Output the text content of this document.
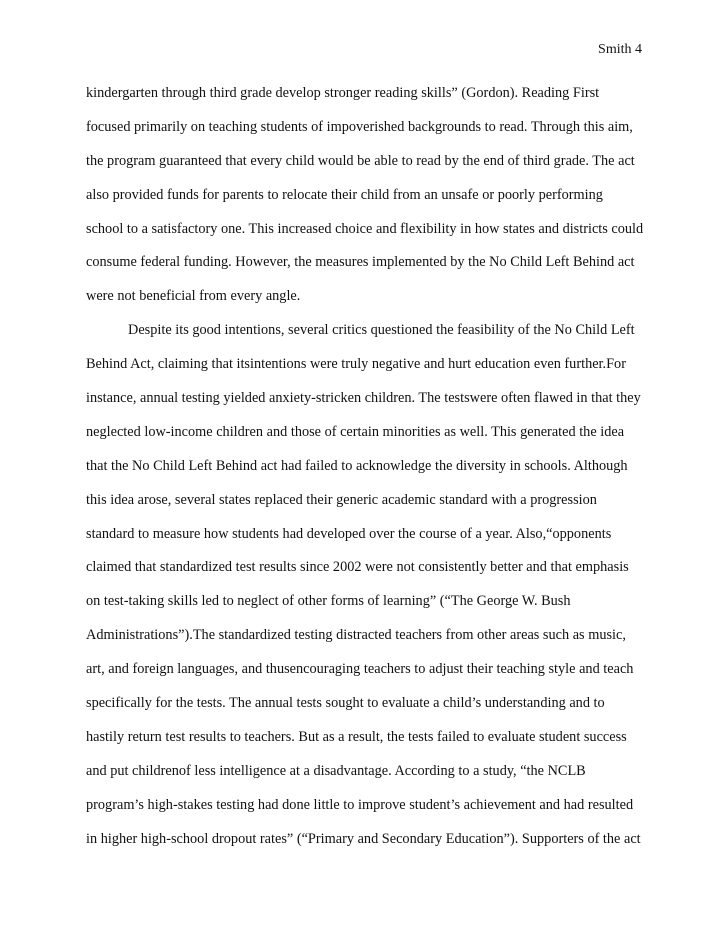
Smith 4
kindergarten through third grade develop stronger reading skills” (Gordon). Reading First
focused primarily on teaching students of impoverished backgrounds to read. Through this aim,
the program guaranteed that every child would be able to read by the end of third grade. The act
also provided funds for parents to relocate their child from an unsafe or poorly performing
school to a satisfactory one. This increased choice and flexibility in how states and districts could
consume federal funding. However, the measures implemented by the No Child Left Behind act
were not beneficial from every angle.
Despite its good intentions, several critics questioned the feasibility of the No Child Left
Behind Act, claiming that itsintentions were truly negative and hurt education even further.For
instance, annual testing yielded anxiety-stricken children. The testswere often flawed in that they
neglected low-income children and those of certain minorities as well. This generated the idea
that the No Child Left Behind act had failed to acknowledge the diversity in schools. Although
this idea arose, several states replaced their generic academic standard with a progression
standard to measure how students had developed over the course of a year. Also,“opponents
claimed that standardized test results since 2002 were not consistently better and that emphasis
on test-taking skills led to neglect of other forms of learning” (“The George W. Bush
Administrations”).The standardized testing distracted teachers from other areas such as music,
art, and foreign languages, and thusencouraging teachers to adjust their teaching style and teach
specifically for the tests. The annual tests sought to evaluate a child’s understanding and to
hastily return test results to teachers. But as a result, the tests failed to evaluate student success
and put childrenof less intelligence at a disadvantage. According to a study, “the NCLB
program’s high-stakes testing had done little to improve student’s achievement and had resulted
in higher high-school dropout rates” (“Primary and Secondary Education”). Supporters of the act
